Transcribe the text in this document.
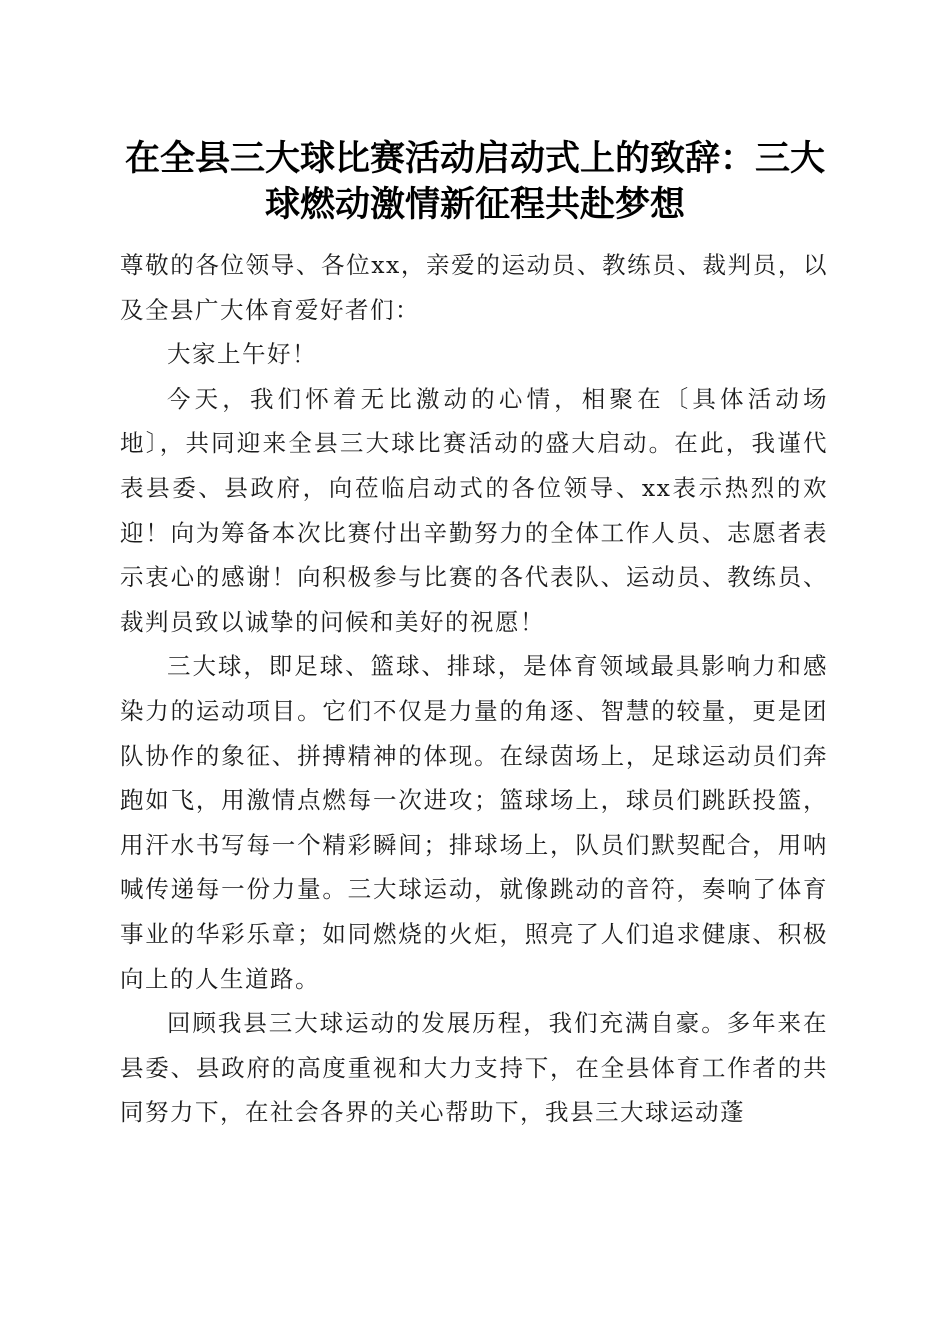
在全县三大球比赛活动启动式上的致辞：三大
球燃动激情新征程共赴梦想

尊敬的各位领导、各位xx，亲爱的运动员、教练员、裁判员，以及全县广大体育爱好者们：

大家上午好！

今天，我们怀着无比激动的心情，相聚在〔具体活动场地〕，共同迎来全县三大球比赛活动的盛大启动。在此，我谨代表县委、县政府，向莅临启动式的各位领导、xx表示热烈的欢迎！向为筹备本次比赛付出辛勤努力的全体工作人员、志愿者表示衷心的感谢！向积极参与比赛的各代表队、运动员、教练员、裁判员致以诚挚的问候和美好的祝愿！

三大球，即足球、篮球、排球，是体育领域最具影响力和感染力的运动项目。它们不仅是力量的角逐、智慧的较量，更是团队协作的象征、拼搏精神的体现。在绿茵场上，足球运动员们奔跑如飞，用激情点燃每一次进攻；篮球场上，球员们跳跃投篮，用汗水书写每一个精彩瞬间；排球场上，队员们默契配合，用呐喊传递每一份力量。三大球运动，就像跳动的音符，奏响了体育事业的华彩乐章；如同燃烧的火炬，照亮了人们追求健康、积极向上的人生道路。

回顾我县三大球运动的发展历程，我们充满自豪。多年来在县委、县政府的高度重视和大力支持下，在全县体育工作者的共同努力下，在社会各界的关心帮助下，我县三大球运动蓬
